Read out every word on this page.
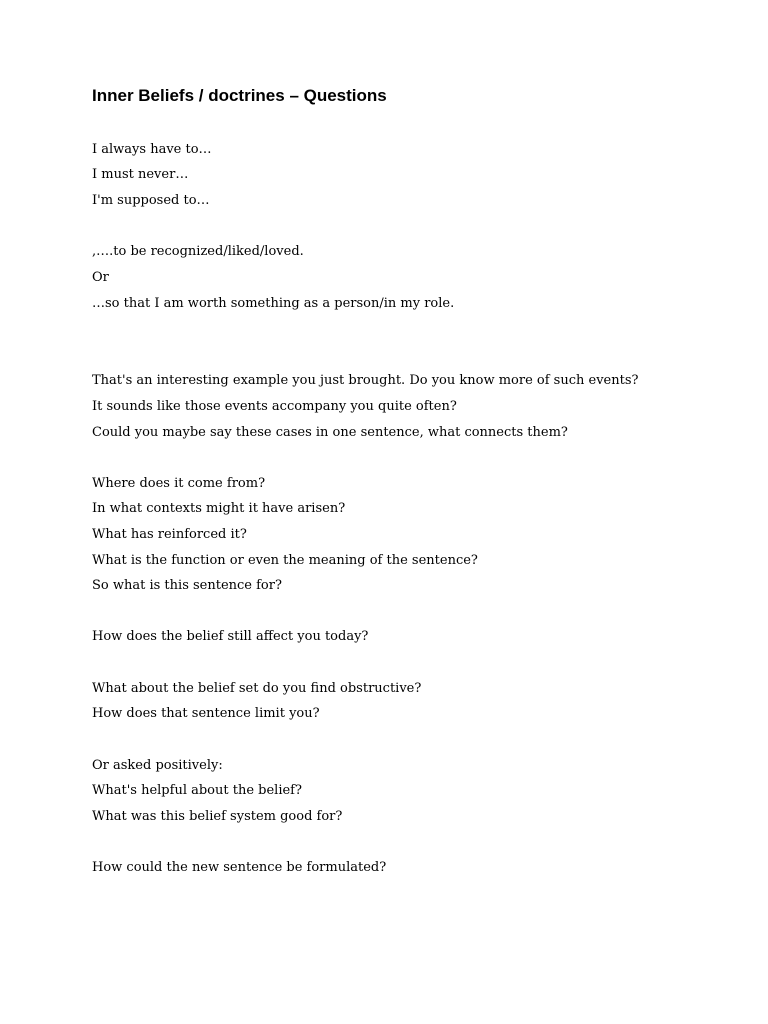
Inner Beliefs / doctrines – Questions

I always have to…

I must never…

I'm supposed to…

,….to be recognized/liked/loved.

Or

…so that I am worth something as a person/in my role.

That's an interesting example you just brought. Do you know more of such events?

It sounds like those events accompany you quite often?

Could you maybe say these cases in one sentence, what connects them?

Where does it come from?

In what contexts might it have arisen?

What has reinforced it?

What is the function or even the meaning of the sentence?

So what is this sentence for?

How does the belief still affect you today?

What about the belief set do you find obstructive?

How does that sentence limit you?

Or asked positively:

What's helpful about the belief?

What was this belief system good for?

How could the new sentence be formulated?
